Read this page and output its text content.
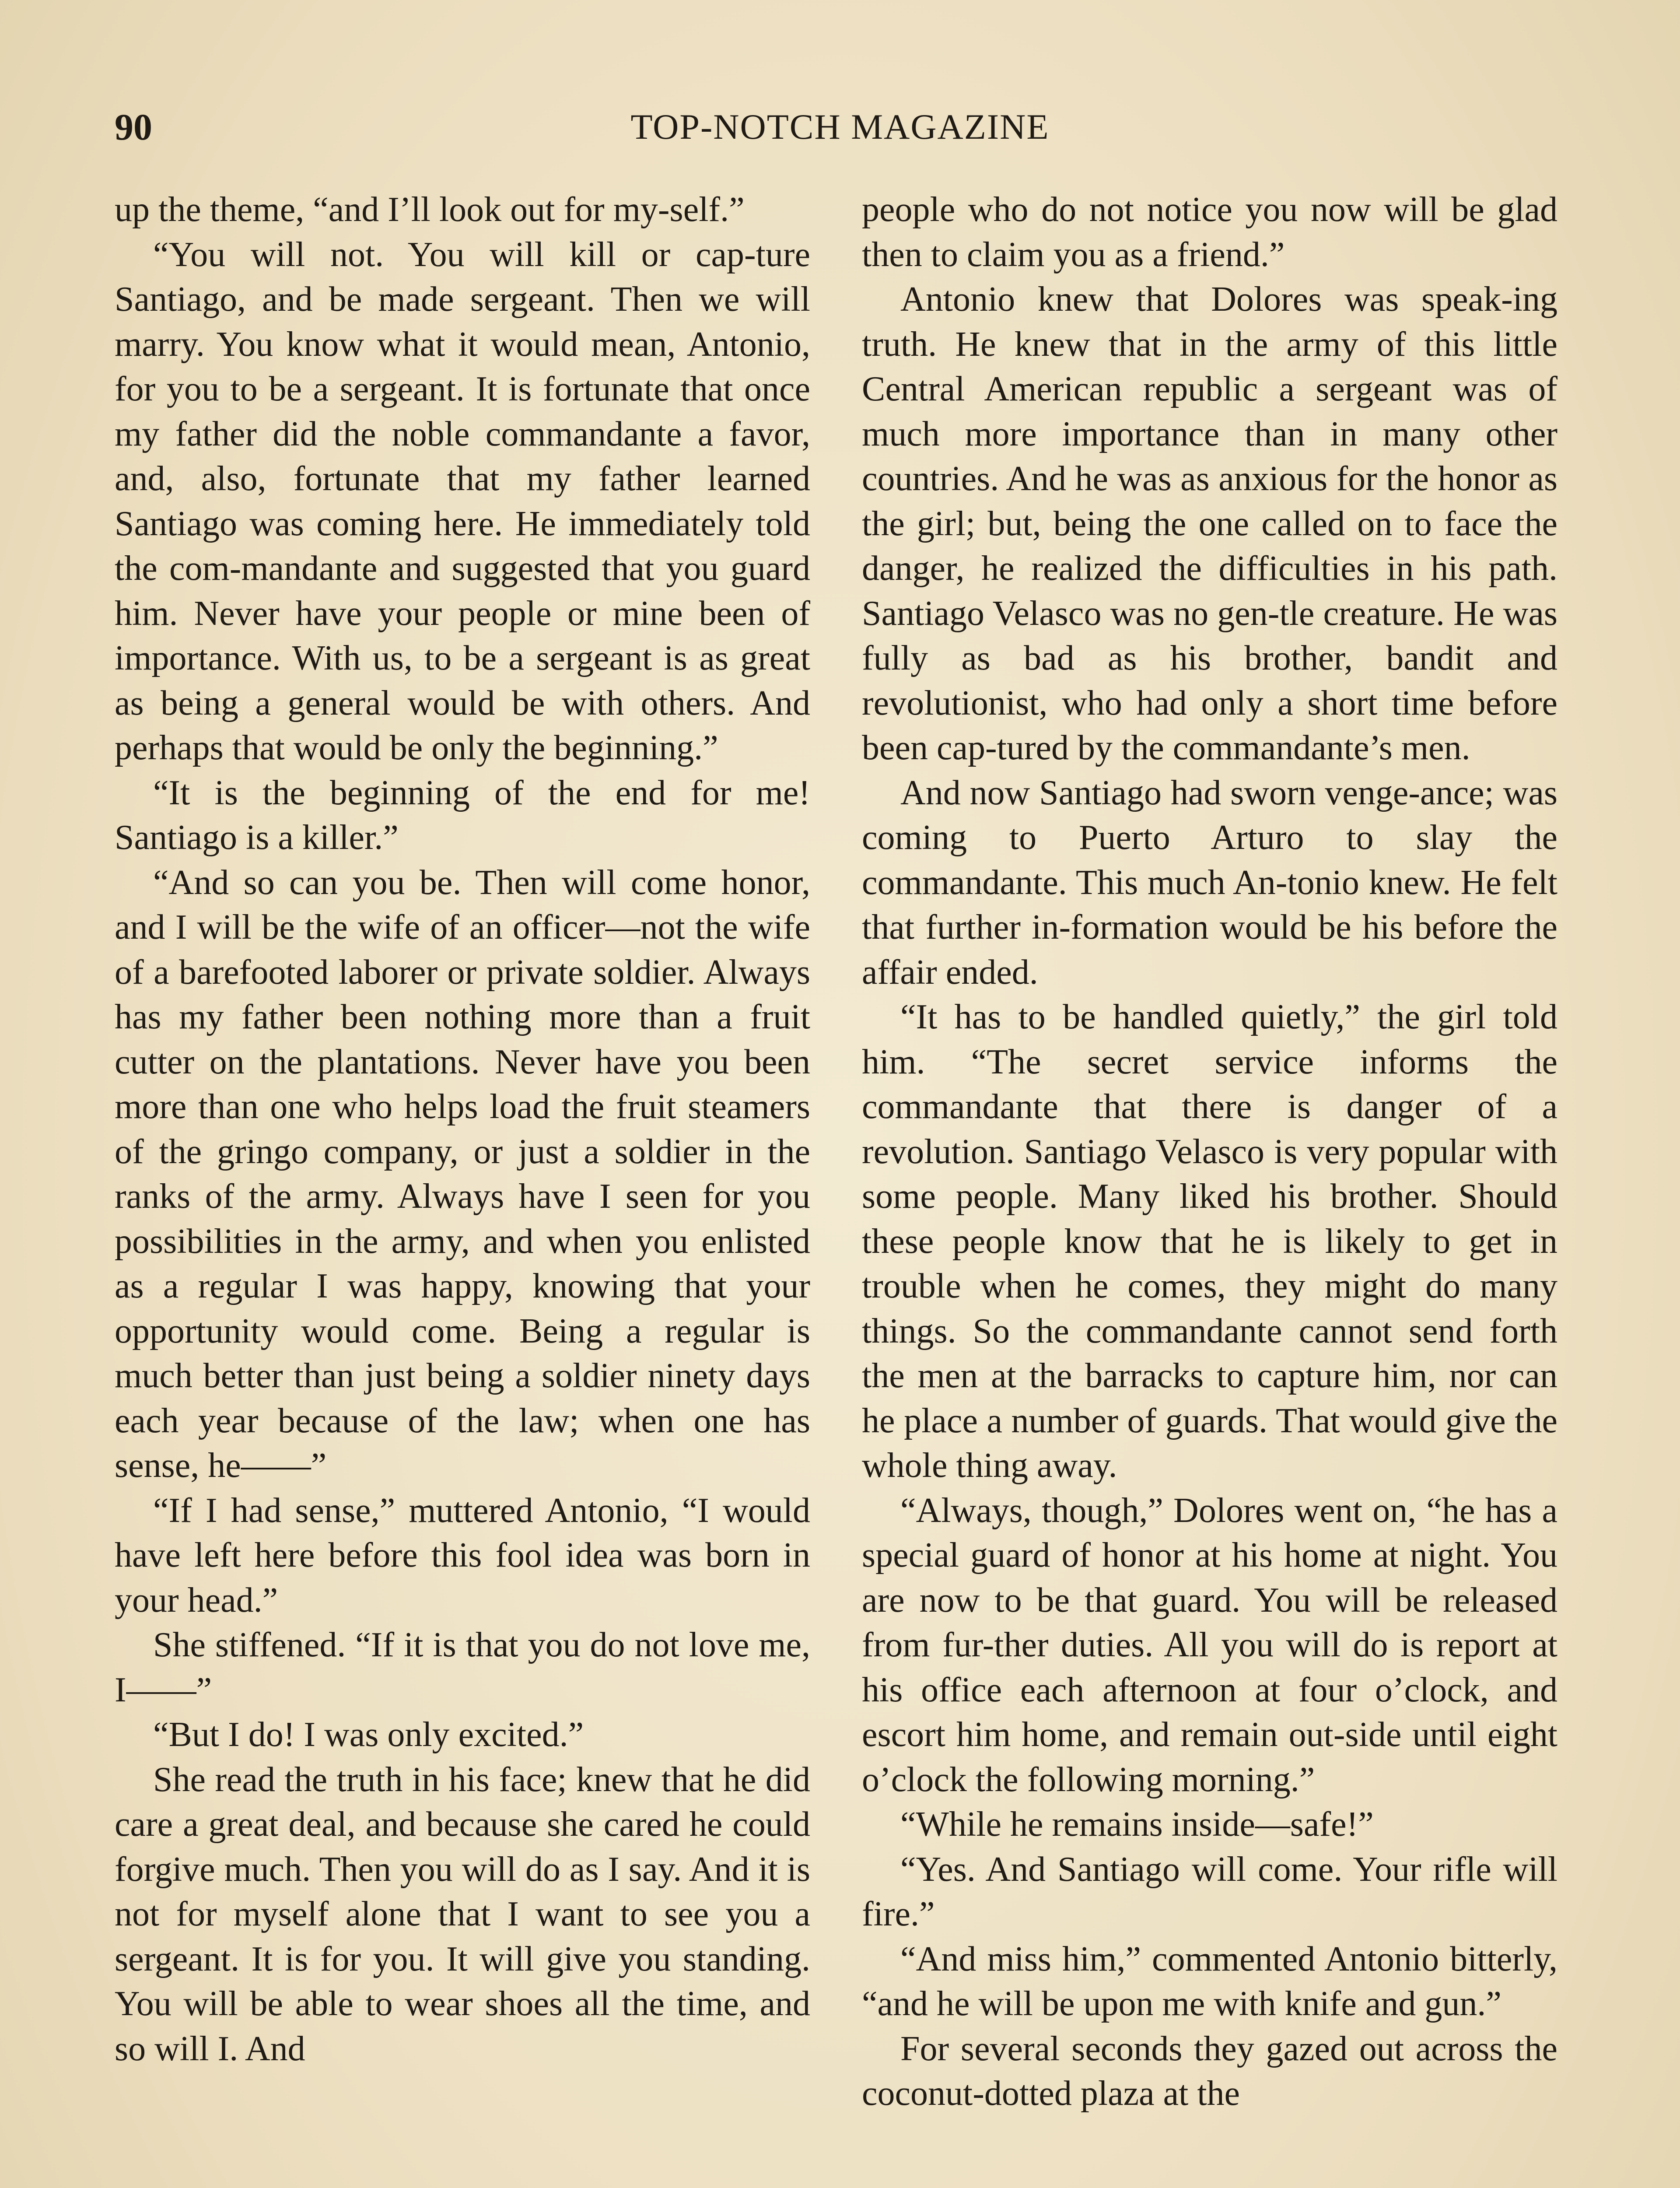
90	TOP-NOTCH MAGAZINE

up the theme, “and I’ll look out for my-self.”

“You will not. You will kill or cap-ture Santiago, and be made sergeant. Then we will marry. You know what it would mean, Antonio, for you to be a sergeant. It is fortunate that once my father did the noble commandante a favor, and, also, fortunate that my father learned Santiago was coming here. He immediately told the com-mandante and suggested that you guard him. Never have your people or mine been of importance. With us, to be a sergeant is as great as being a general would be with others. And perhaps that would be only the beginning.”

“It is the beginning of the end for me! Santiago is a killer.”

“And so can you be. Then will come honor, and I will be the wife of an officer—not the wife of a barefooted laborer or private soldier. Always has my father been nothing more than a fruit cutter on the plantations. Never have you been more than one who helps load the fruit steamers of the gringo company, or just a soldier in the ranks of the army. Always have I seen for you possibilities in the army, and when you enlisted as a regular I was happy, knowing that your opportunity would come. Being a regular is much better than just being a soldier ninety days each year because of the law; when one has sense, he——”

“If I had sense,” muttered Antonio, “I would have left here before this fool idea was born in your head.”

She stiffened. “If it is that you do not love me, I——”

“But I do! I was only excited.”

She read the truth in his face; knew that he did care a great deal, and because she cared he could forgive much. Then you will do as I say. And it is not for myself alone that I want to see you a sergeant. It is for you. It will give you standing. You will be able to wear shoes all the time, and so will I. And

people who do not notice you now will be glad then to claim you as a friend.”

Antonio knew that Dolores was speak-ing truth. He knew that in the army of this little Central American republic a sergeant was of much more importance than in many other countries. And he was as anxious for the honor as the girl; but, being the one called on to face the danger, he realized the difficulties in his path. Santiago Velasco was no gen-tle creature. He was fully as bad as his brother, bandit and revolutionist, who had only a short time before been cap-tured by the commandante’s men.

And now Santiago had sworn venge-ance; was coming to Puerto Arturo to slay the commandante. This much An-tonio knew. He felt that further in-formation would be his before the affair ended.

“It has to be handled quietly,” the girl told him. “The secret service informs the commandante that there is danger of a revolution. Santiago Velasco is very popular with some people. Many liked his brother. Should these people know that he is likely to get in trouble when he comes, they might do many things. So the commandante cannot send forth the men at the barracks to capture him, nor can he place a number of guards. That would give the whole thing away.

“Always, though,” Dolores went on, “he has a special guard of honor at his home at night. You are now to be that guard. You will be released from fur-ther duties. All you will do is report at his office each afternoon at four o’clock, and escort him home, and remain out-side until eight o’clock the following morning.”

“While he remains inside—safe!”

“Yes. And Santiago will come. Your rifle will fire.”

“And miss him,” commented Antonio bitterly, “and he will be upon me with knife and gun.”

For several seconds they gazed out across the coconut-dotted plaza at the
